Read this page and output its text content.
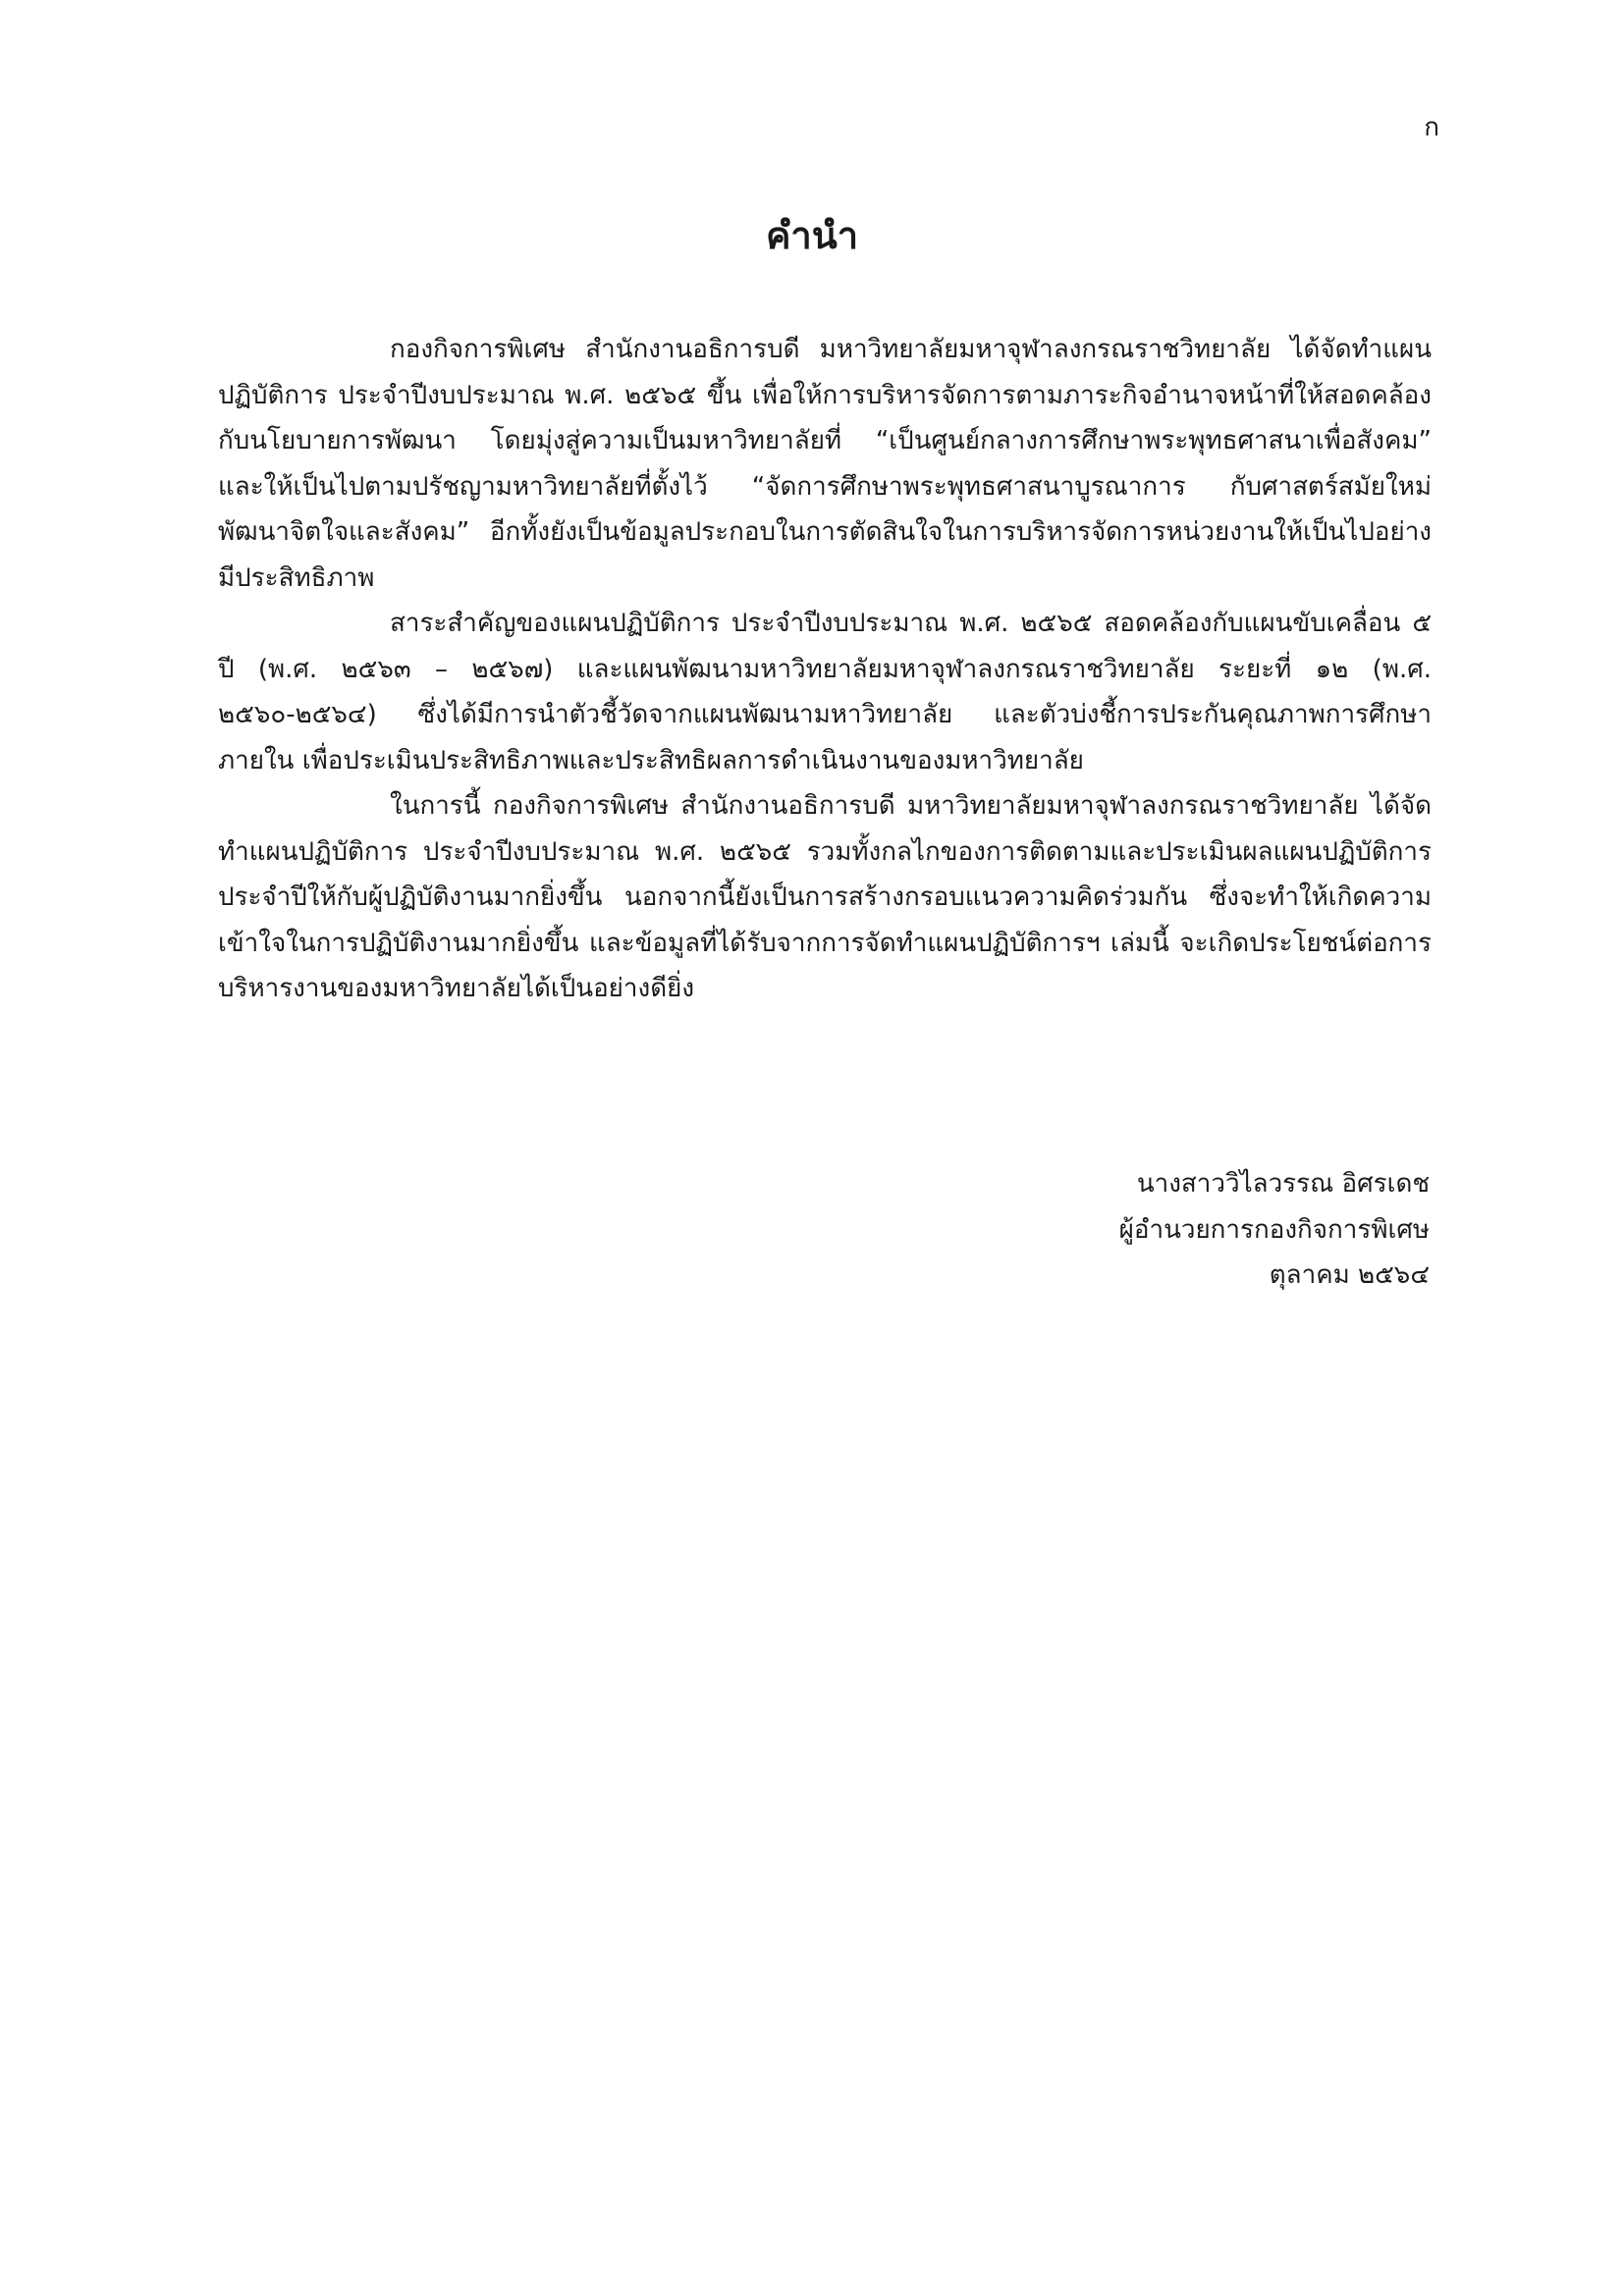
ก
คำนำ

กองกิจการพิเศษ สำนักงานอธิการบดี มหาวิทยาลัยมหาจุฬาลงกรณราชวิทยาลัย ได้จัดทำแผนปฏิบัติการ ประจำปีงบประมาณ พ.ศ. ๒๕๖๕ ขึ้น เพื่อให้การบริหารจัดการตามภาระกิจอำนาจหน้าที่ให้สอดคล้องกับนโยบายการพัฒนา โดยมุ่งสู่ความเป็นมหาวิทยาลัยที่ “เป็นศูนย์กลางการศึกษาพระพุทธศาสนาเพื่อสังคม” และให้เป็นไปตามปรัชญามหาวิทยาลัยที่ตั้งไว้ “จัดการศึกษาพระพุทธศาสนาบูรณาการ กับศาสตร์สมัยใหม่ พัฒนาจิตใจและสังคม” อีกทั้งยังเป็นข้อมูลประกอบในการตัดสินใจในการบริหารจัดการหน่วยงานให้เป็นไปอย่างมีประสิทธิภาพ

สาระสำคัญของแผนปฏิบัติการ ประจำปีงบประมาณ พ.ศ. ๒๕๖๕ สอดคล้องกับแผนขับเคลื่อน ๕ ปี (พ.ศ. ๒๕๖๓ – ๒๕๖๗) และแผนพัฒนามหาวิทยาลัยมหาจุฬาลงกรณราชวิทยาลัย ระยะที่ ๑๒ (พ.ศ. ๒๕๖๐-๒๕๖๔) ซึ่งได้มีการนำตัวชี้วัดจากแผนพัฒนามหาวิทยาลัย และตัวบ่งชี้การประกันคุณภาพการศึกษาภายใน เพื่อประเมินประสิทธิภาพและประสิทธิผลการดำเนินงานของมหาวิทยาลัย

ในการนี้ กองกิจการพิเศษ สำนักงานอธิการบดี มหาวิทยาลัยมหาจุฬาลงกรณราชวิทยาลัย ได้จัดทำแผนปฏิบัติการ ประจำปีงบประมาณ พ.ศ. ๒๕๖๕ รวมทั้งกลไกของการติดตามและประเมินผลแผนปฏิบัติการประจำปีให้กับผู้ปฏิบัติงานมากยิ่งขึ้น นอกจากนี้ยังเป็นการสร้างกรอบแนวความคิดร่วมกัน ซึ่งจะทำให้เกิดความเข้าใจในการปฏิบัติงานมากยิ่งขึ้น และข้อมูลที่ได้รับจากการจัดทำแผนปฏิบัติการฯ เล่มนี้ จะเกิดประโยชน์ต่อการบริหารงานของมหาวิทยาลัยได้เป็นอย่างดียิ่ง

นางสาววิไลวรรณ อิศรเดช
ผู้อำนวยการกองกิจการพิเศษ
ตุลาคม ๒๕๖๔
